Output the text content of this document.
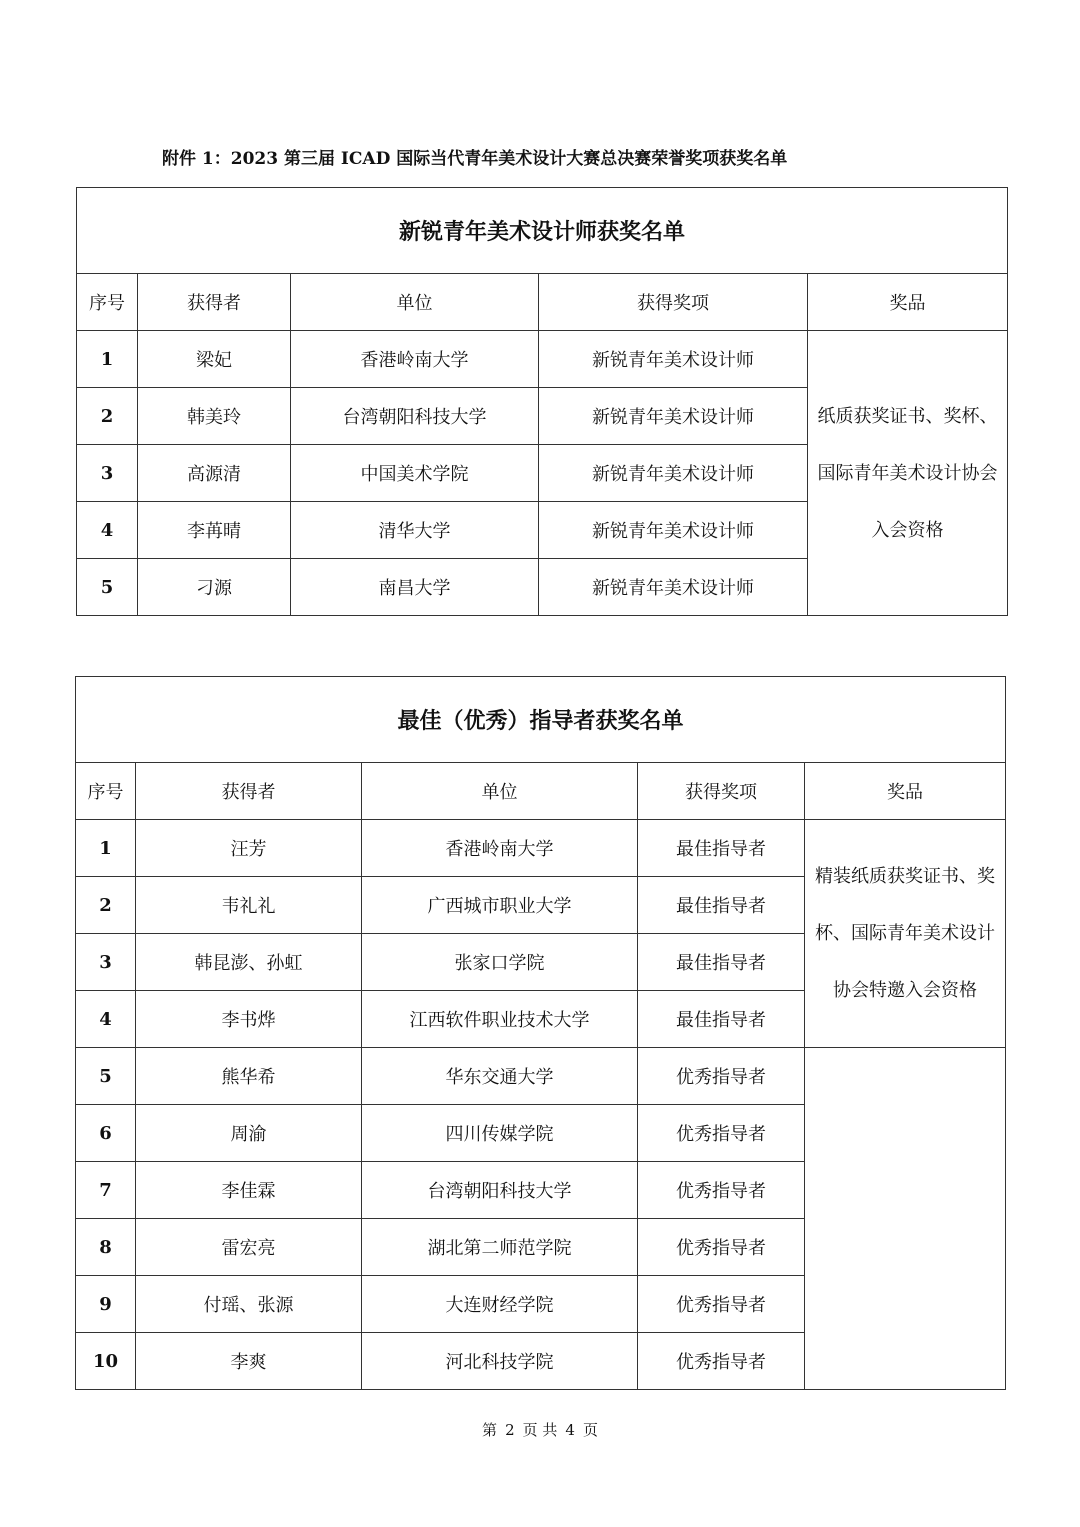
附件 1：2023 第三届 ICAD 国际当代青年美术设计大赛总决赛荣誉奖项获奖名单
新锐青年美术设计师获奖名单				
序号	获得者	单位	获得奖项	奖品
1	梁妃	香港岭南大学	新锐青年美术设计师	纸质获奖证书、奖杯、国际青年美术设计协会入会资格
2	韩美玲	台湾朝阳科技大学	新锐青年美术设计师	
3	高源清	中国美术学院	新锐青年美术设计师	
4	李苒晴	清华大学	新锐青年美术设计师	
5	刁源	南昌大学	新锐青年美术设计师	
最佳（优秀）指导者获奖名单				
序号	获得者	单位	获得奖项	奖品
1	汪芳	香港岭南大学	最佳指导者	精装纸质获奖证书、奖杯、国际青年美术设计协会特邀入会资格
2	韦礼礼	广西城市职业大学	最佳指导者	
3	韩昆澎、孙虹	张家口学院	最佳指导者	
4	李书烨	江西软件职业技术大学	最佳指导者	
5	熊华希	华东交通大学	优秀指导者	
6	周渝	四川传媒学院	优秀指导者	
7	李佳霖	台湾朝阳科技大学	优秀指导者	
8	雷宏亮	湖北第二师范学院	优秀指导者	
9	付瑶、张源	大连财经学院	优秀指导者	
10	李爽	河北科技学院	优秀指导者	
第 2 页 共 4 页
